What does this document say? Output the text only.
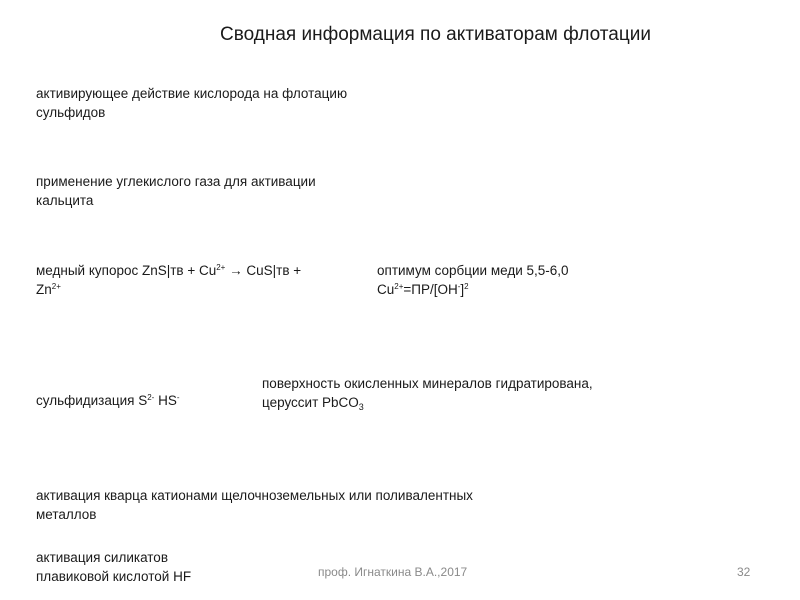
Сводная информация по активаторам флотации
активирующее действие кислорода на флотацию
сульфидов
применение углекислого газа для активации
кальцита
медный купорос $ZnS|тв + Cu^{2+} \to CuS|тв$ +
$Zn^{2+}$
оптимум сорбции меди 5,5-6,0
$Cu^{2+}=ПР/[OH^-]^2$
сульфидизация $S^{2-}$ HS-
поверхность окисленных минералов гидратирована,
церуссит PbCO$_3$
активация кварца катионами щелочноземельных или поливалентных
металлов
активация силикатов
плавиковой кислотой HF	проф. Игнаткина В.А.,2017	32
